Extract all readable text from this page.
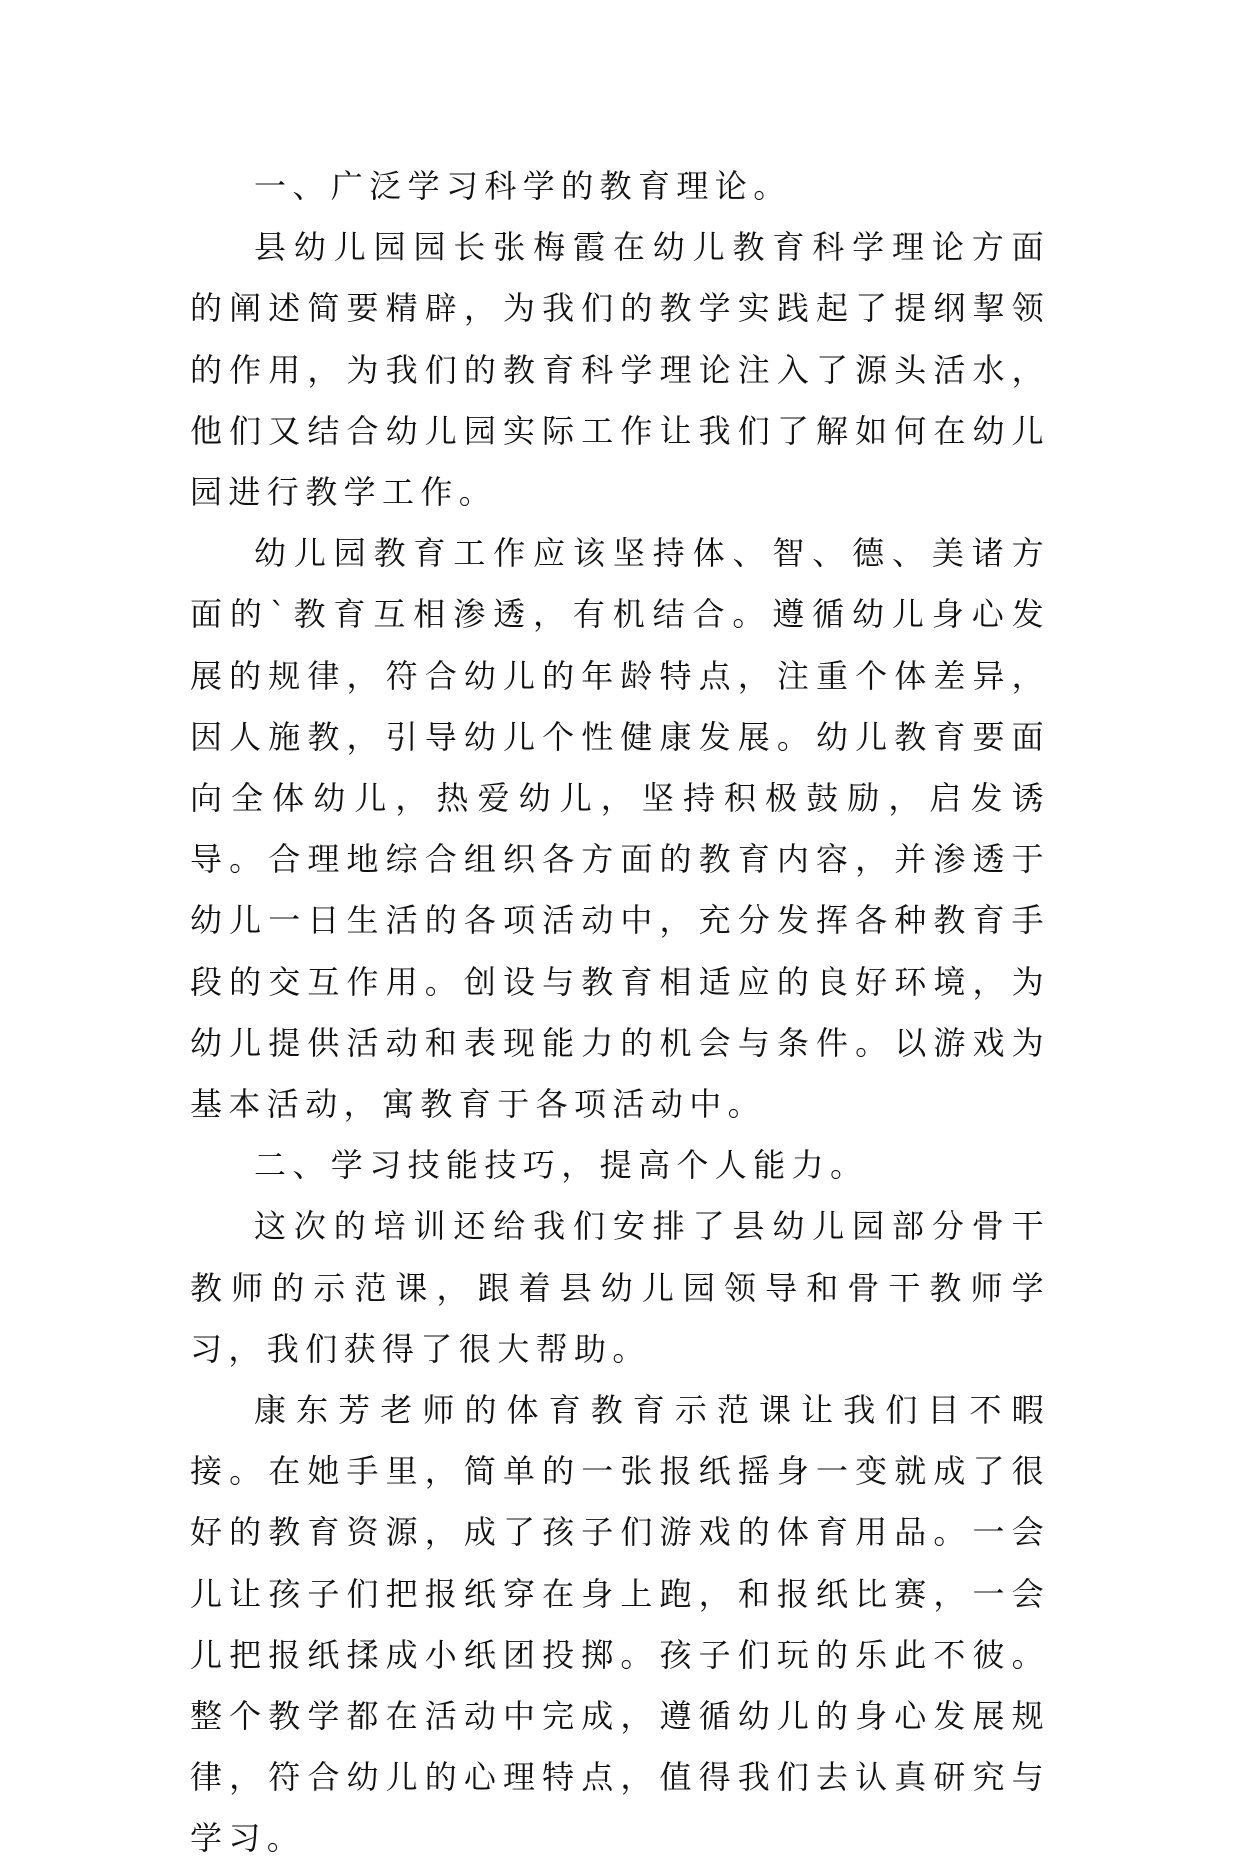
一、广泛学习科学的教育理论。

县幼儿园园长张梅霞在幼儿教育科学理论方面的阐述简要精辟，为我们的教学实践起了提纲挈领的作用，为我们的教育科学理论注入了源头活水，他们又结合幼儿园实际工作让我们了解如何在幼儿园进行教学工作。

幼儿园教育工作应该坚持体、智、德、美诸方面的`教育互相渗透，有机结合。遵循幼儿身心发展的规律，符合幼儿的年龄特点，注重个体差异，因人施教，引导幼儿个性健康发展。幼儿教育要面向全体幼儿，热爱幼儿，坚持积极鼓励，启发诱导。合理地综合组织各方面的教育内容，并渗透于幼儿一日生活的各项活动中，充分发挥各种教育手段的交互作用。创设与教育相适应的良好环境，为幼儿提供活动和表现能力的机会与条件。以游戏为基本活动，寓教育于各项活动中。

二、学习技能技巧，提高个人能力。

这次的培训还给我们安排了县幼儿园部分骨干教师的示范课，跟着县幼儿园领导和骨干教师学习，我们获得了很大帮助。

康东芳老师的体育教育示范课让我们目不暇接。在她手里，简单的一张报纸摇身一变就成了很好的教育资源，成了孩子们游戏的体育用品。一会儿让孩子们把报纸穿在身上跑，和报纸比赛，一会儿把报纸揉成小纸团投掷。孩子们玩的乐此不彼。整个教学都在活动中完成，遵循幼儿的身心发展规律，符合幼儿的心理特点，值得我们去认真研究与学习。
